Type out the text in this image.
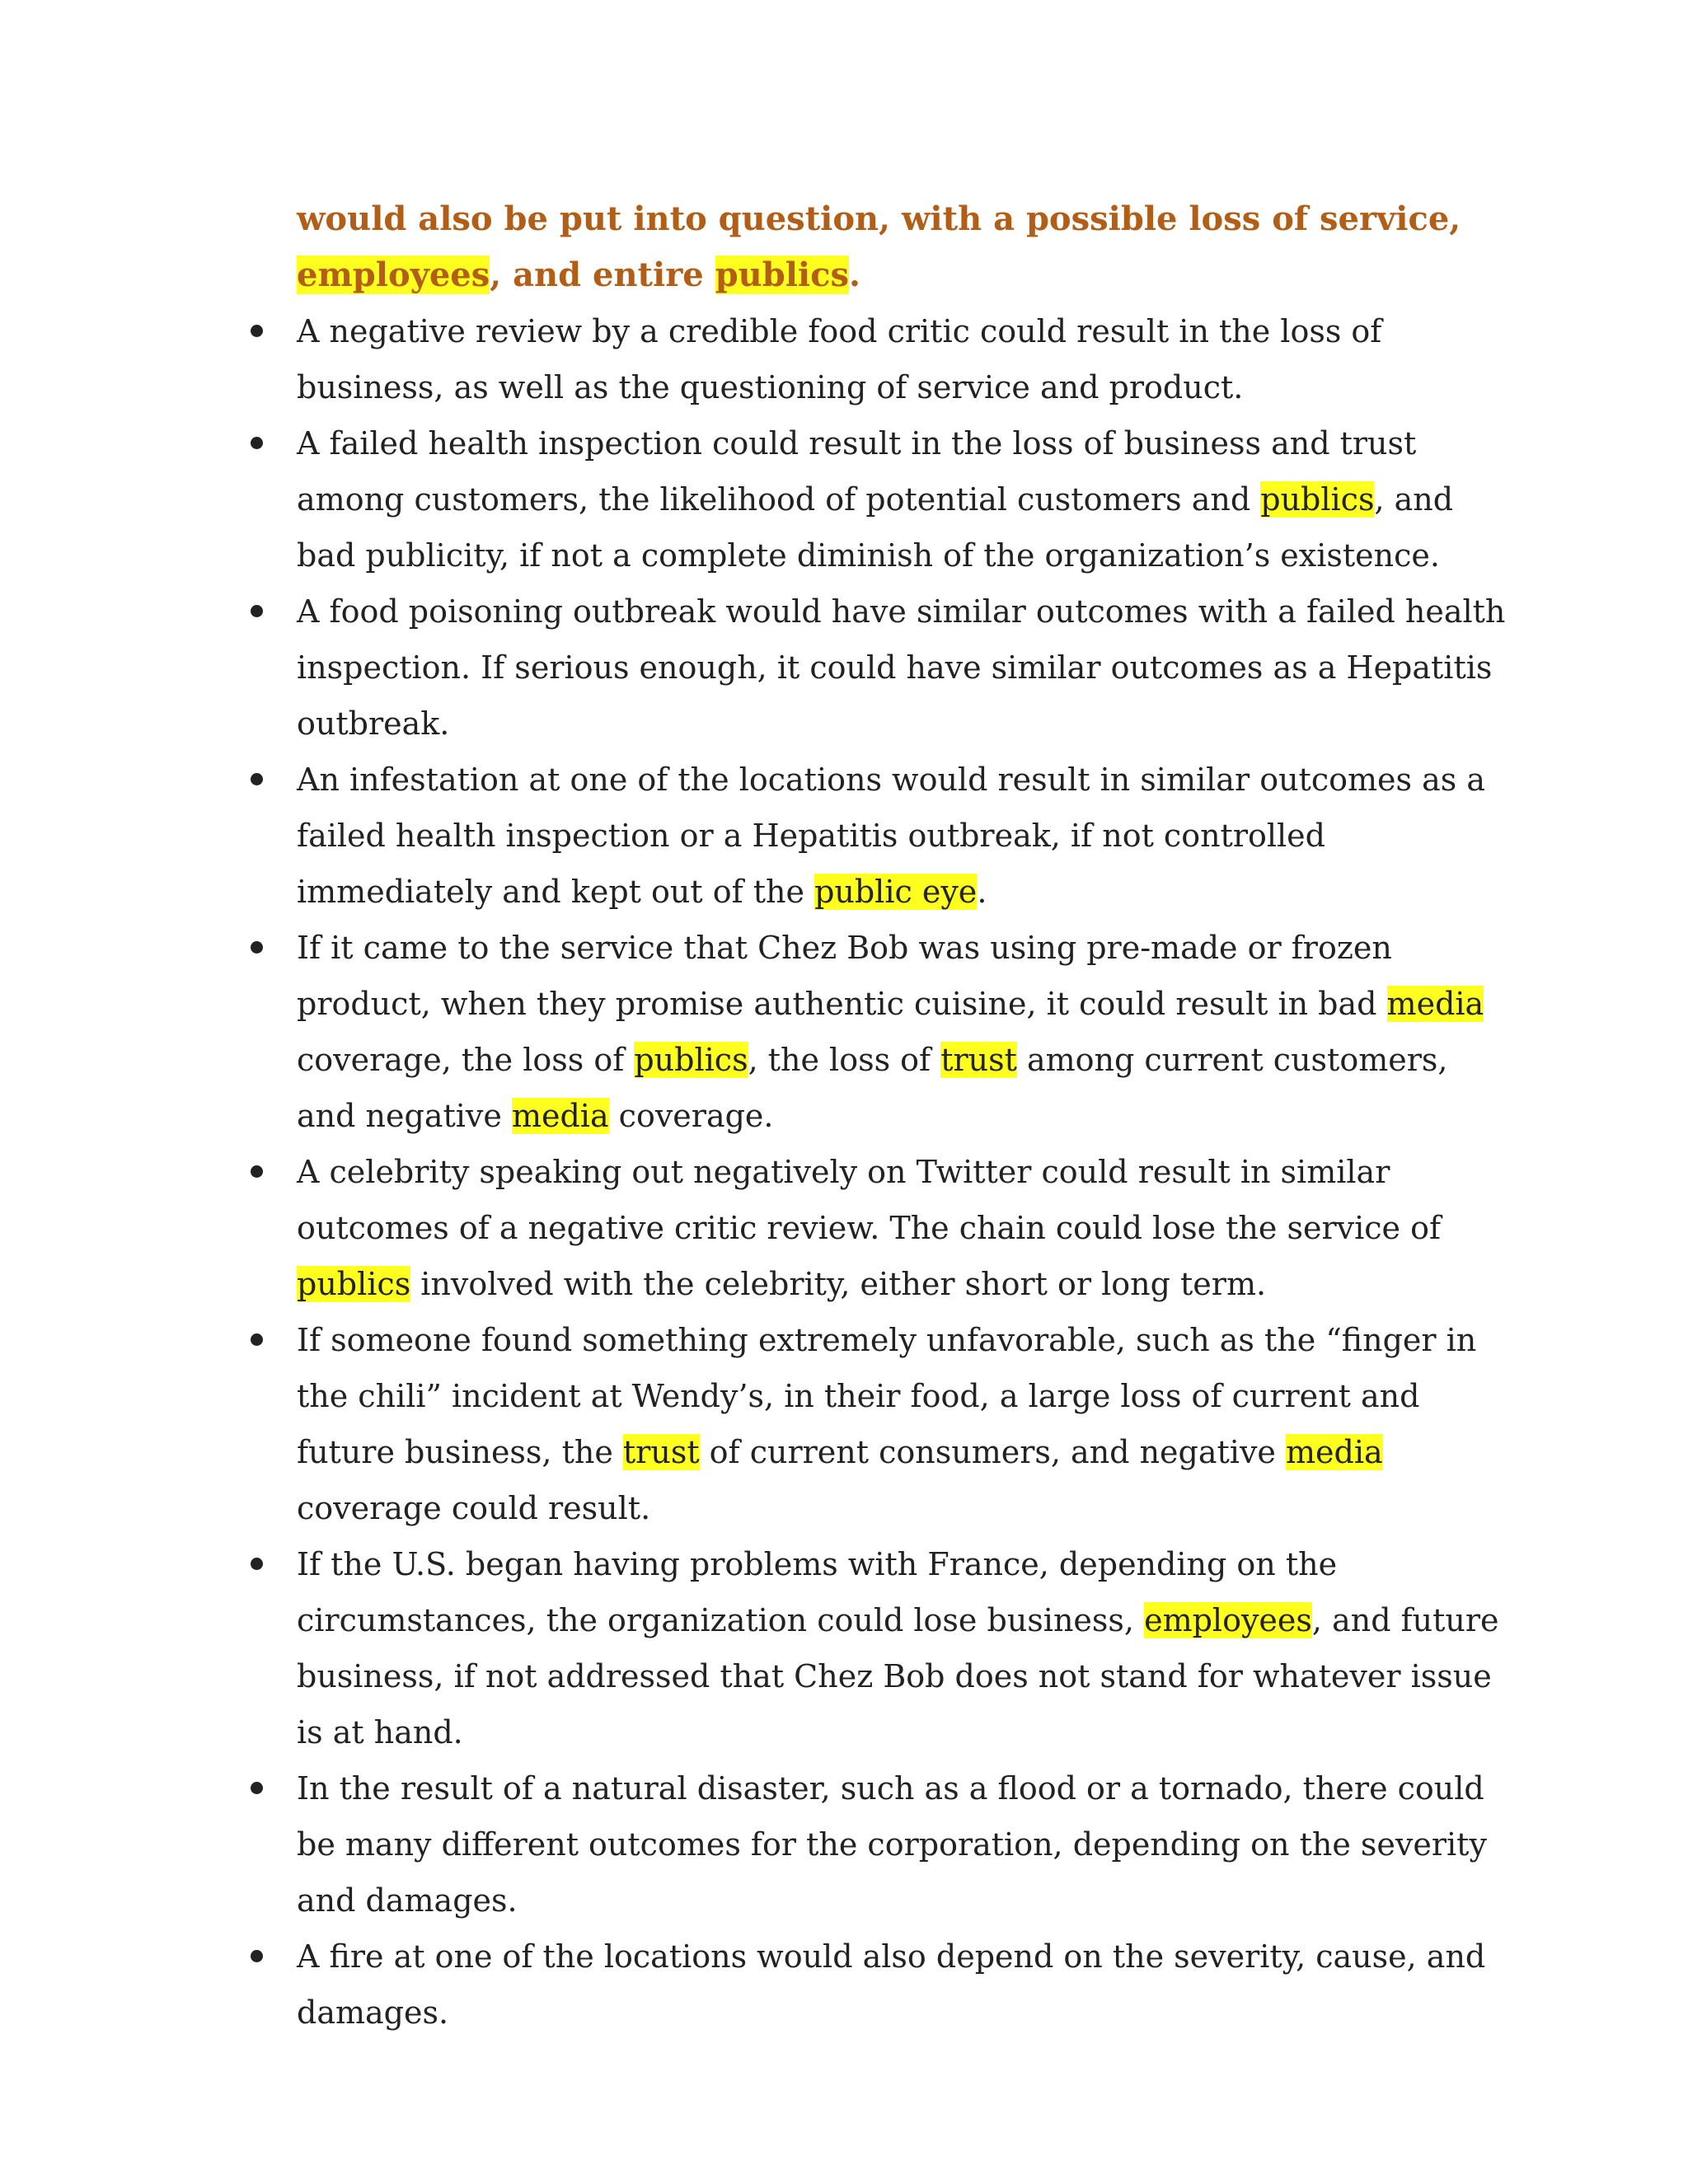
would also be put into question, with a possible loss of service, employees, and entire publics.

A negative review by a credible food critic could result in the loss of business, as well as the questioning of service and product.
A failed health inspection could result in the loss of business and trust among customers, the likelihood of potential customers and publics, and bad publicity, if not a complete diminish of the organization’s existence.
A food poisoning outbreak would have similar outcomes with a failed health inspection. If serious enough, it could have similar outcomes as a Hepatitis outbreak.
An infestation at one of the locations would result in similar outcomes as a failed health inspection or a Hepatitis outbreak, if not controlled immediately and kept out of the public eye.
If it came to the service that Chez Bob was using pre-made or frozen product, when they promise authentic cuisine, it could result in bad media coverage, the loss of publics, the loss of trust among current customers, and negative media coverage.
A celebrity speaking out negatively on Twitter could result in similar outcomes of a negative critic review. The chain could lose the service of publics involved with the celebrity, either short or long term.
If someone found something extremely unfavorable, such as the “finger in the chili” incident at Wendy’s, in their food, a large loss of current and future business, the trust of current consumers, and negative media coverage could result.
If the U.S. began having problems with France, depending on the circumstances, the organization could lose business, employees, and future business, if not addressed that Chez Bob does not stand for whatever issue is at hand.
In the result of a natural disaster, such as a flood or a tornado, there could be many different outcomes for the corporation, depending on the severity and damages.
A fire at one of the locations would also depend on the severity, cause, and damages.
